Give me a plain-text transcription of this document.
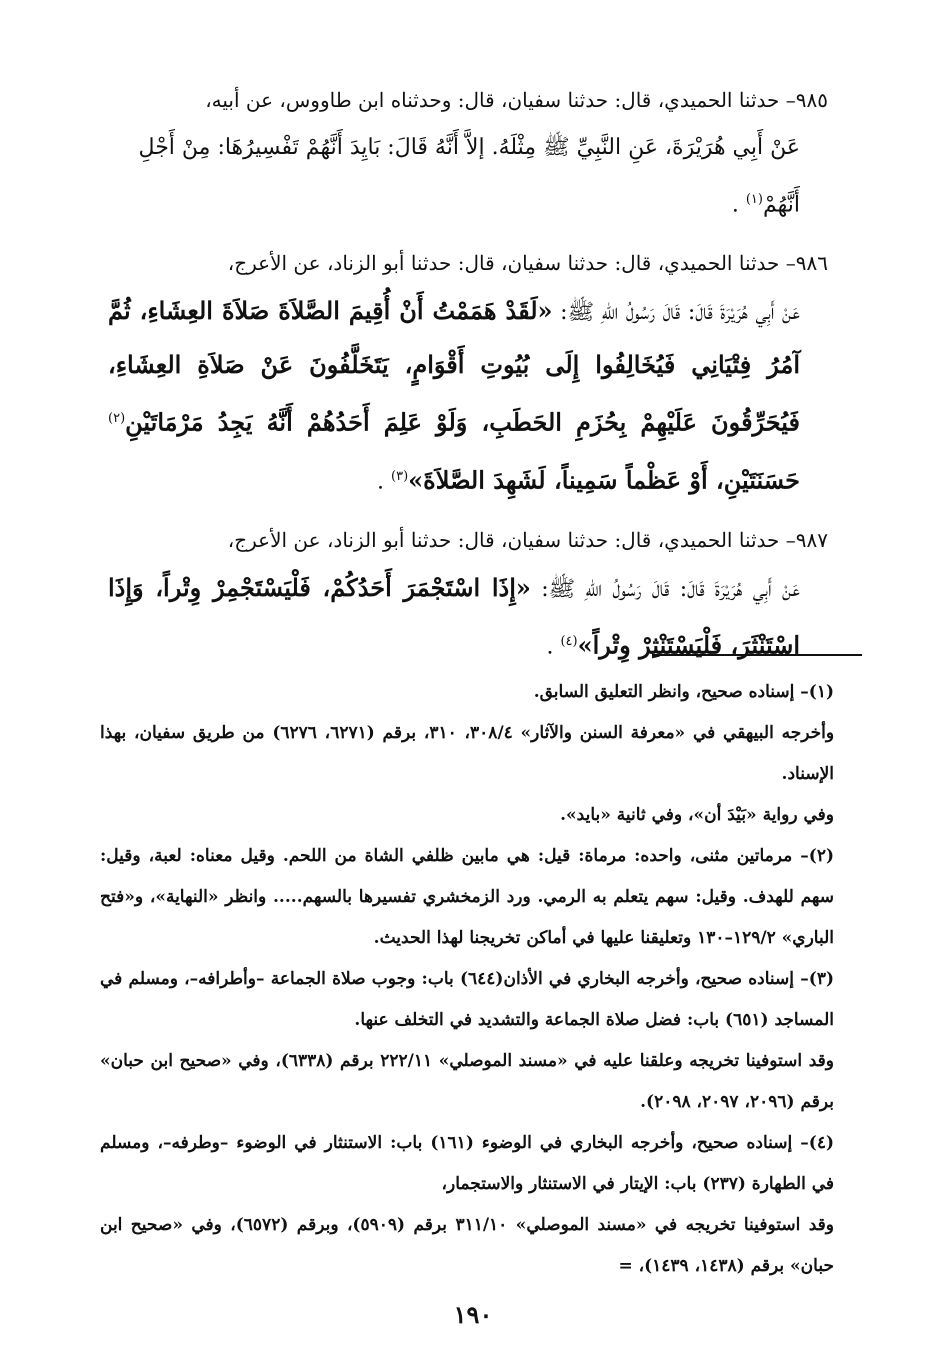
٩٨٥– حدثنا الحميدي، قال: حدثنا سفيان، قال: وحدثناه ابن طاووس، عن أبيه،
عَنْ أَبِي هُرَيْرَةَ، عَنِ النَّبِيِّ ﷺ مِثْلَهُ. إلاَّ أَنَّهُ قَالَ: بَايِدَ أَنَّهُمْ تَفْسِيرُهَا: مِنْ أَجْلِ
أَنَّهُمْ$^{(١)}$ .
٩٨٦– حدثنا الحميدي، قال: حدثنا سفيان، قال: حدثنا أبو الزناد، عن الأعرج،
عَنْ أَبِي هُرَيْرَةَ قَالَ: قَالَ رَسُولُ اللهِ ﷺ: «لَقَدْ هَمَمْتُ أَنْ أُقِيمَ الصَّلاَةَ صَلاَةَ العِشَاءِ، ثُمَّ آمُرُ فِتْيَانِي فَيُخَالِفُوا إِلَى بُيُوتِ أَقْوَامٍ، يَتَخَلَّفُونَ عَنْ صَلاَةِ العِشَاءِ، فَيُحَرِّقُونَ عَلَيْهِمْ بِحُزَمِ الحَطَبِ، وَلَوْ عَلِمَ أَحَدُهُمْ أَنَّهُ يَجِدُ مَرْمَاتَيْنِ$^{(٢)}$ حَسَنَتَيْنِ، أَوْ عَظْماً سَمِيناً، لَشَهِدَ الصَّلاَةَ»$^{(٣)}$ .
٩٨٧– حدثنا الحميدي، قال: حدثنا سفيان، قال: حدثنا أبو الزناد، عن الأعرج،
عَنْ أَبِي هُرَيْرَةَ قَالَ: قَالَ رَسُولُ اللهِ ﷺ: «إِذَا اسْتَجْمَرَ أَحَدُكُمْ، فَلْيَسْتَجْمِرْ وِتْراً، وَإِذَا اسْتَنْثَرَ، فَلْيَسْتَنْثِرْ وِتْراً»$^{(٤)}$ .

(١)– إسناده صحيح، وانظر التعليق السابق.

وأخرجه البيهقي في «معرفة السنن والآثار» ٣٠٨/٤، ٣١٠، برقم (٦٢٧١، ٦٢٧٦) من طريق سفيان، بهذا الإسناد.

وفي رواية «بَيْدَ أن»، وفي ثانية «بايد».

(٢)– مرماتين مثنى، واحده: مرماة: قيل: هي مابين ظلفي الشاة من اللحم. وقيل معناه: لعبة، وقيل: سهم للهدف. وقيل: سهم يتعلم به الرمي. ورد الزمخشري تفسيرها بالسهم..... وانظر «النهاية»، و«فتح الباري» ١٢٩/٢–١٣٠ وتعليقنا عليها في أماكن تخريجنا لهذا الحديث.

(٣)– إسناده صحيح، وأخرجه البخاري في الأذان(٦٤٤) باب: وجوب صلاة الجماعة –وأطرافه–، ومسلم في المساجد (٦٥١) باب: فضل صلاة الجماعة والتشديد في التخلف عنها.

وقد استوفينا تخريجه وعلقنا عليه في «مسند الموصلي» ٢٢٢/١١ برقم (٦٣٣٨)، وفي «صحيح ابن حبان» برقم (٢٠٩٦، ٢٠٩٧، ٢٠٩٨).

(٤)– إسناده صحيح، وأخرجه البخاري في الوضوء (١٦١) باب: الاستنثار في الوضوء –وطرفه–، ومسلم في الطهارة (٢٣٧) باب: الإيتار في الاستنثار والاستجمار،

وقد استوفينا تخريجه في «مسند الموصلي» ٣١١/١٠ برقم (٥٩٠٩)، وبرقم (٦٥٧٢)، وفي «صحيح ابن حبان» برقم (١٤٣٨، ١٤٣٩)، =

١٩٠
